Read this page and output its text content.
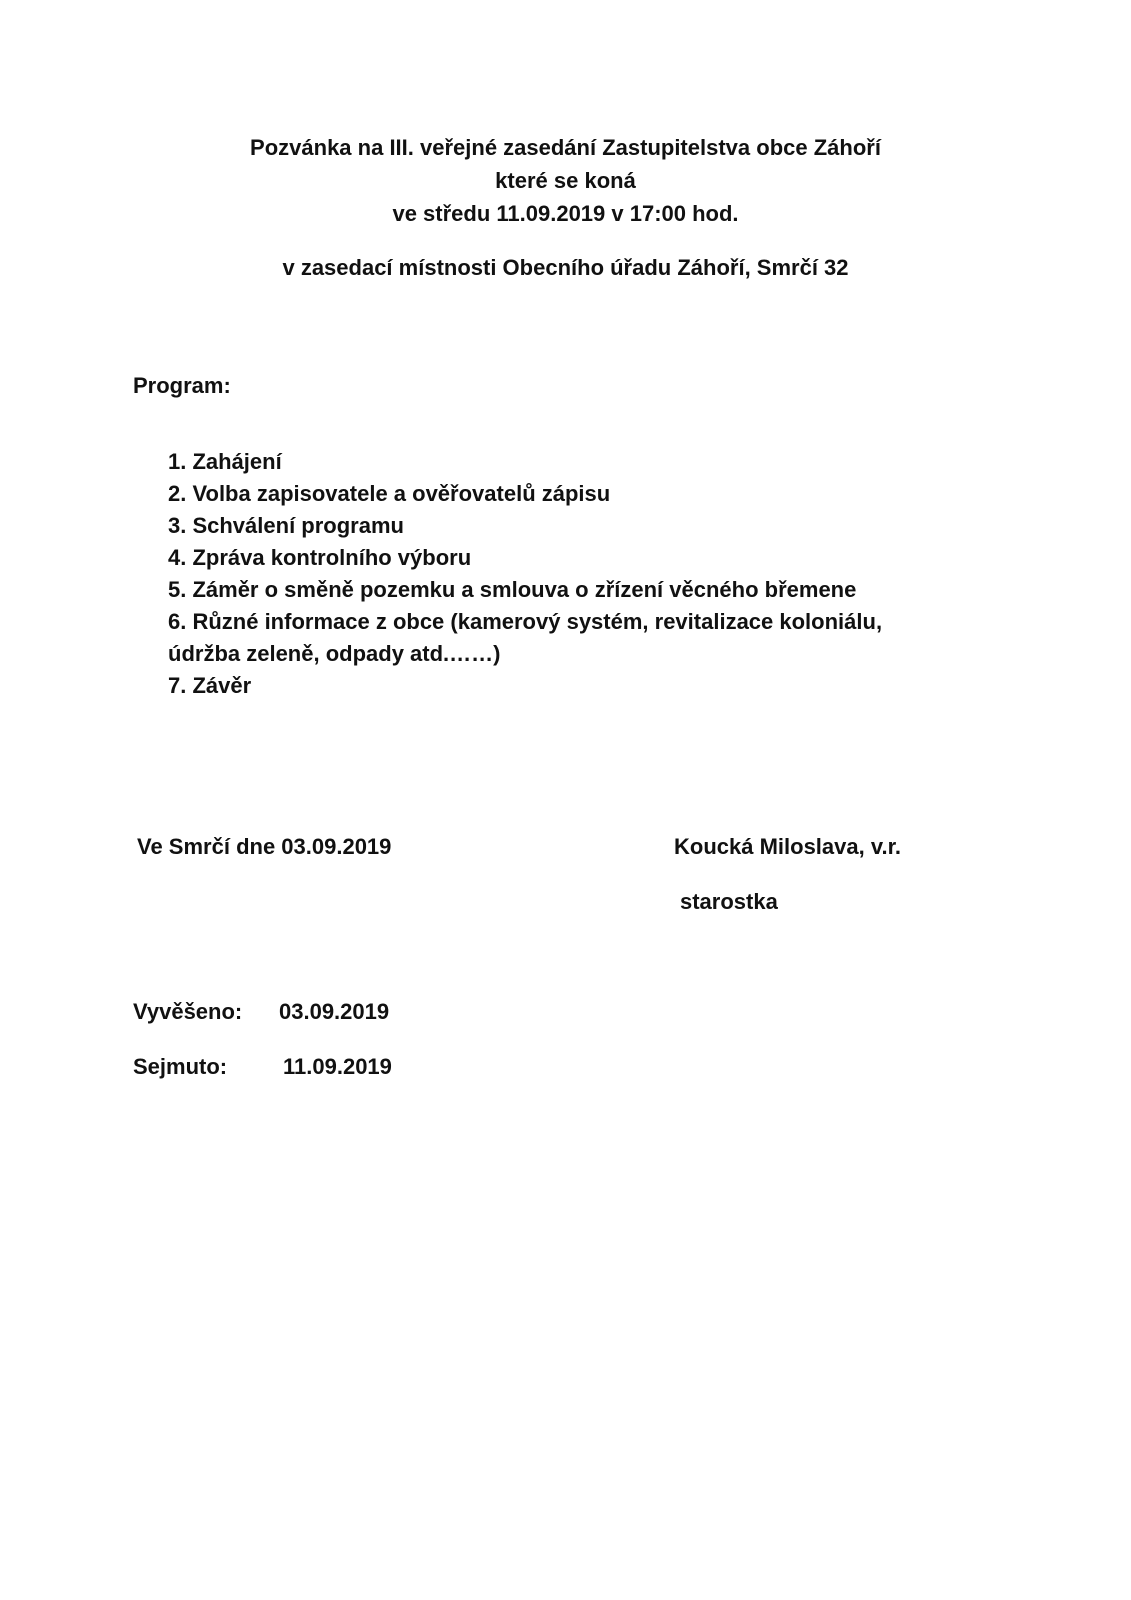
Pozvánka na III. veřejné zasedání Zastupitelstva obce Záhoří
které se koná
ve středu 11.09.2019 v 17:00 hod.
v zasedací místnosti Obecního úřadu Záhoří, Smrčí 32
Program:
1. Zahájení
2. Volba zapisovatele a ověřovatelů zápisu
3. Schválení programu
4. Zpráva kontrolního výboru
5. Záměr o směně pozemku a smlouva o zřízení věcného břemene
6. Různé informace z obce (kamerový systém, revitalizace koloniálu,
údržba zeleně, odpady atd.……)
7. Závěr
Ve Smrčí dne 03.09.2019	Koucká Miloslava, v.r.
starostka
Vyvěšeno: 03.09.2019
Sejmuto:	11.09.2019
